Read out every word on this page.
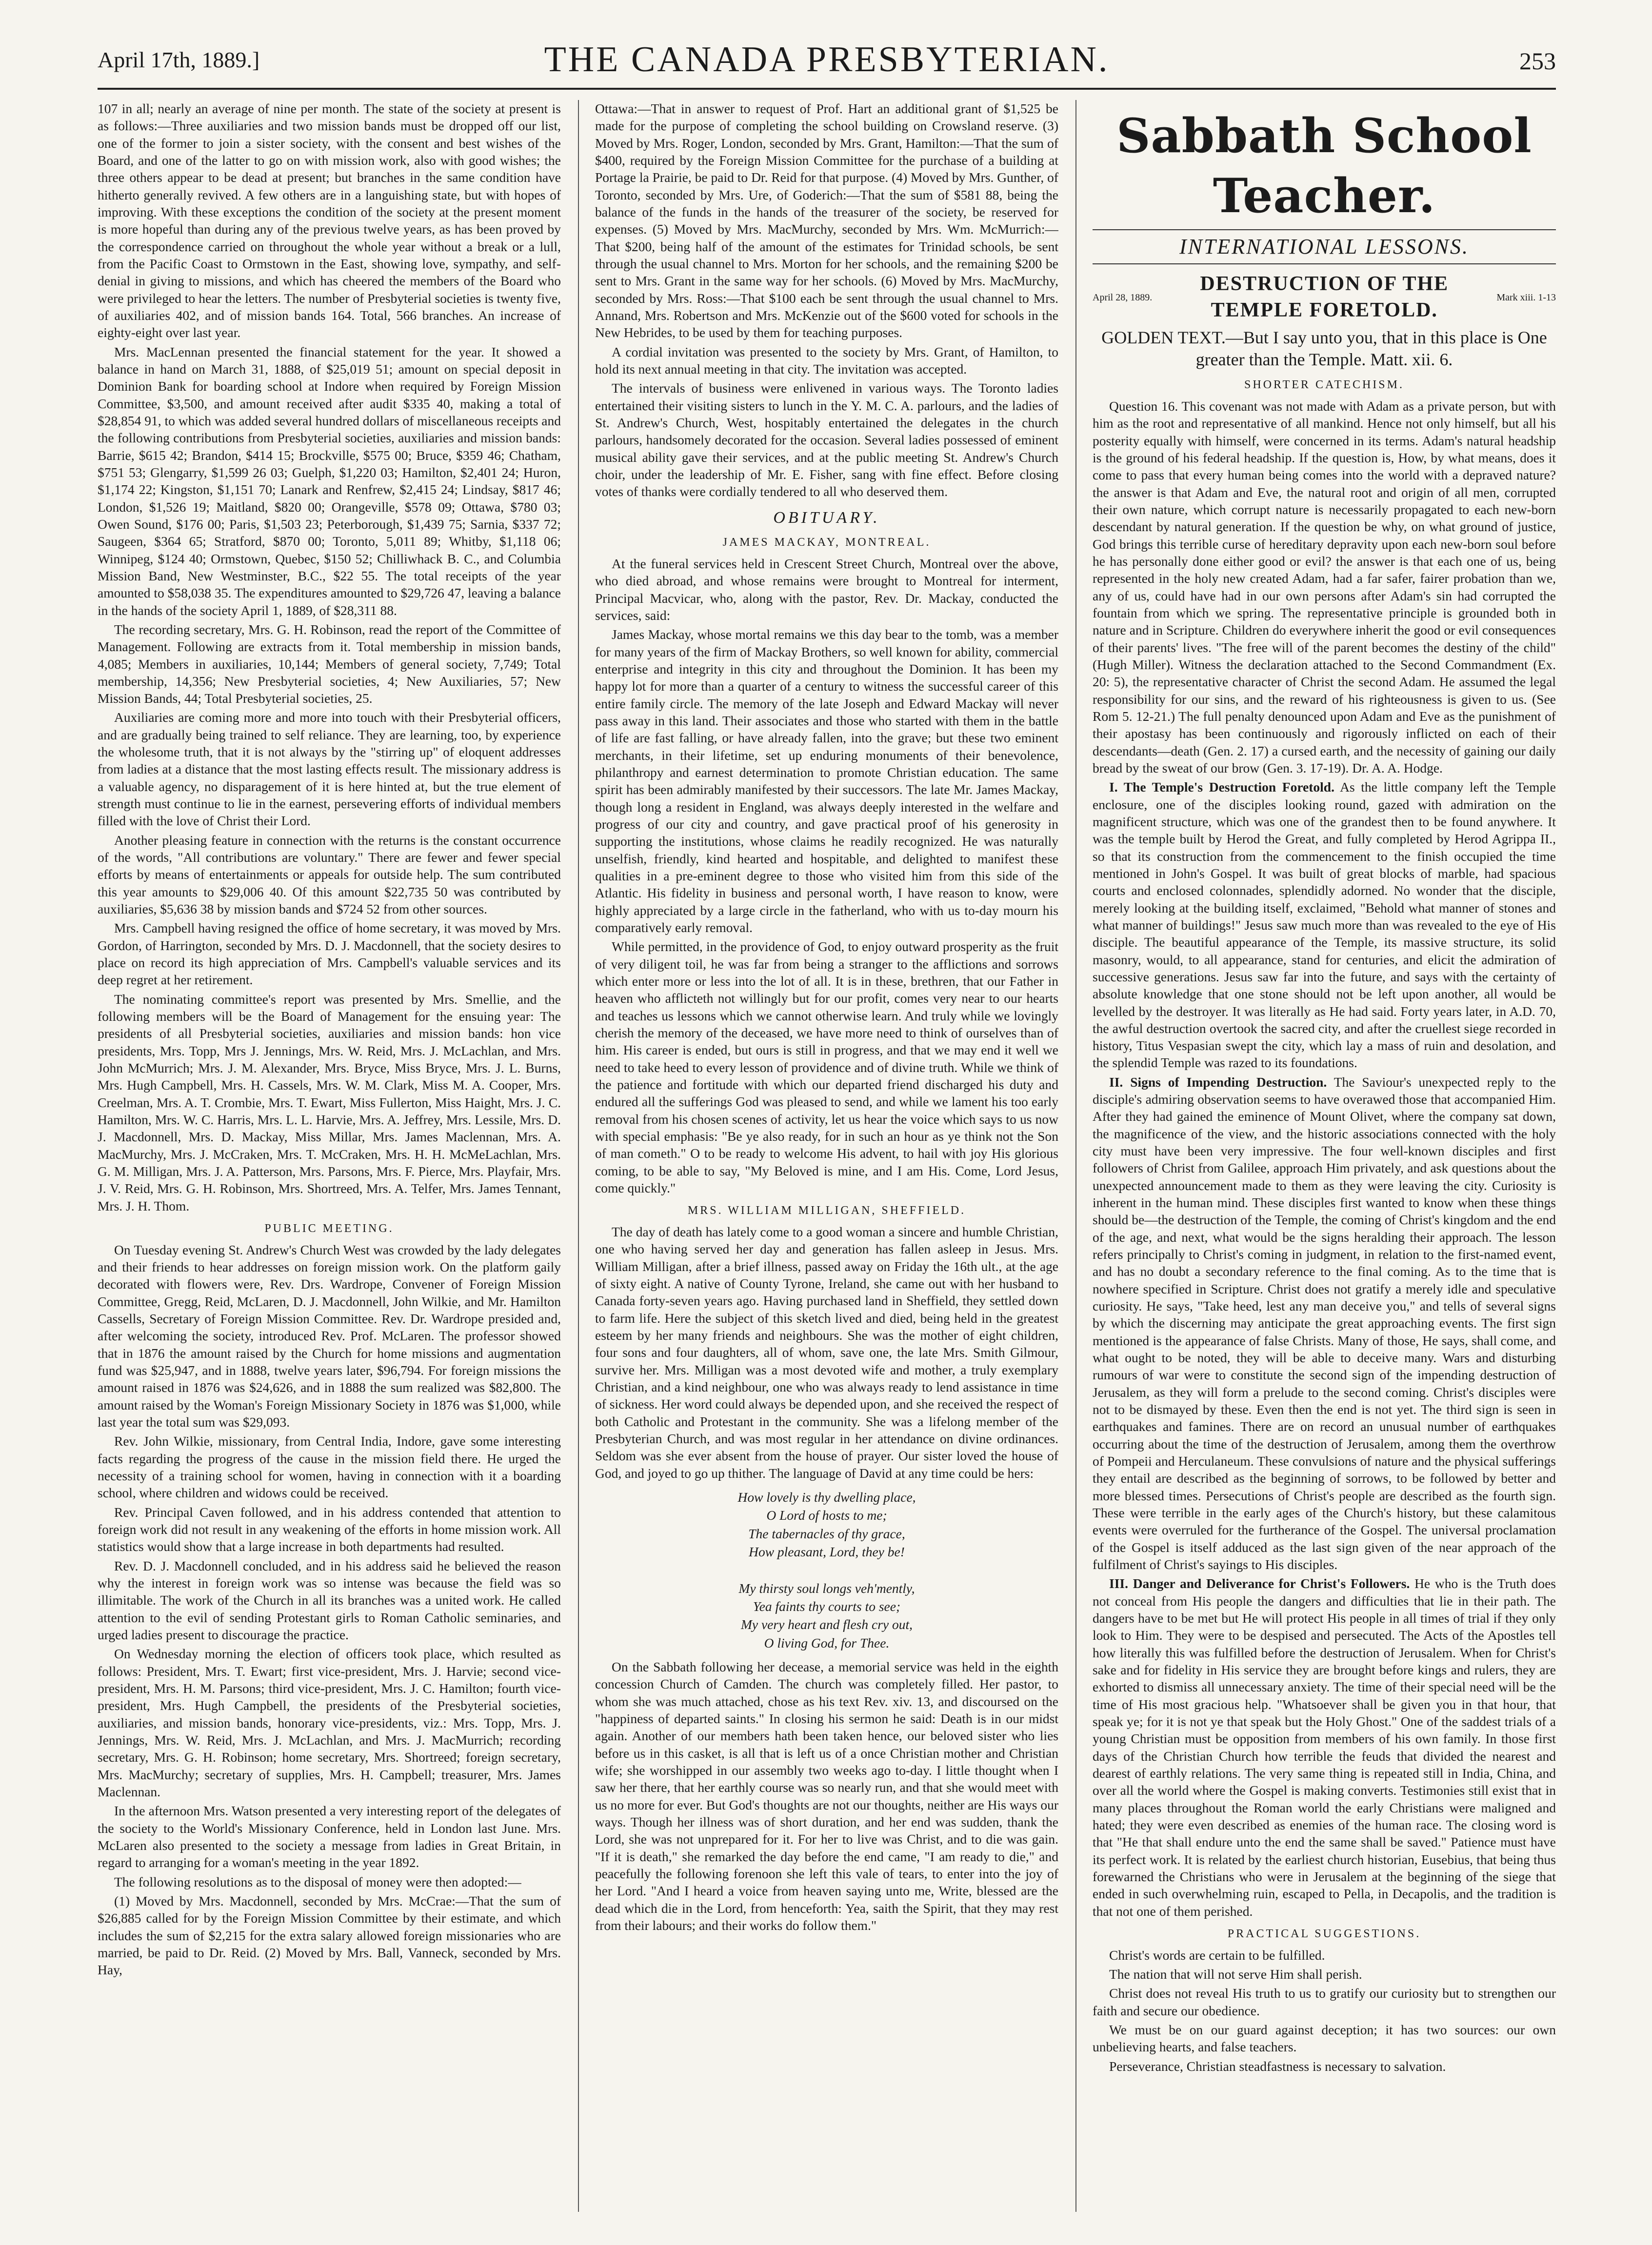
April 17th, 1889.]	THE CANADA PRESBYTERIAN.	253

107 in all; nearly an average of nine per month. The state of the society at present is as follows:—Three auxiliaries and two mission bands must be dropped off our list, one of the former to join a sister society, with the consent and best wishes of the Board, and one of the latter to go on with mission work, also with good wishes; the three others appear to be dead at present; but branches in the same condition have hitherto generally revived. A few others are in a languishing state, but with hopes of improving. With these exceptions the condition of the society at the present moment is more hopeful than during any of the previous twelve years, as has been proved by the correspondence carried on throughout the whole year without a break or a lull, from the Pacific Coast to Ormstown in the East, showing love, sympathy, and self-denial in giving to missions, and which has cheered the members of the Board who were privileged to hear the letters. The number of Presbyterial societies is twenty five, of auxiliaries 402, and of mission bands 164. Total, 566 branches. An increase of eighty-eight over last year.

Mrs. MacLennan presented the financial statement for the year. It showed a balance in hand on March 31, 1888, of $25,019 51; amount on special deposit in Dominion Bank for boarding school at Indore when required by Foreign Mission Committee, $3,500, and amount received after audit $335 40, making a total of $28,854 91, to which was added several hundred dollars of miscellaneous receipts and the following contributions from Presbyterial societies, auxiliaries and mission bands: Barrie, $615 42; Brandon, $414 15; Brockville, $575 00; Bruce, $359 46; Chatham, $751 53; Glengarry, $1,599 26 03; Guelph, $1,220 03; Hamilton, $2,401 24; Huron, $1,174 22; Kingston, $1,151 70; Lanark and Renfrew, $2,415 24; Lindsay, $817 46; London, $1,526 19; Maitland, $820 00; Orangeville, $578 09; Ottawa, $780 03; Owen Sound, $176 00; Paris, $1,503 23; Peterborough, $1,439 75; Sarnia, $337 72; Saugeen, $364 65; Stratford, $870 00; Toronto, 5,011 89; Whitby, $1,118 06; Winnipeg, $124 40; Ormstown, Quebec, $150 52; Chilliwhack B. C., and Columbia Mission Band, New Westminster, B.C., $22 55. The total receipts of the year amounted to $58,038 35. The expenditures amounted to $29,726 47, leaving a balance in the hands of the society April 1, 1889, of $28,311 88.

The recording secretary, Mrs. G. H. Robinson, read the report of the Committee of Management. Following are extracts from it. Total membership in mission bands, 4,085; Members in auxiliaries, 10,144; Members of general society, 7,749; Total membership, 14,356; New Presbyterial societies, 4; New Auxiliaries, 57; New Mission Bands, 44; Total Presbyterial societies, 25.

Auxiliaries are coming more and more into touch with their Presbyterial officers, and are gradually being trained to self reliance. They are learning, too, by experience the wholesome truth, that it is not always by the "stirring up" of eloquent addresses from ladies at a distance that the most lasting effects result. The missionary address is a valuable agency, no disparagement of it is here hinted at, but the true element of strength must continue to lie in the earnest, persevering efforts of individual members filled with the love of Christ their Lord.

Another pleasing feature in connection with the returns is the constant occurrence of the words, "All contributions are voluntary." There are fewer and fewer special efforts by means of entertainments or appeals for outside help. The sum contributed this year amounts to $29,006 40. Of this amount $22,735 50 was contributed by auxiliaries, $5,636 38 by mission bands and $724 52 from other sources.

Mrs. Campbell having resigned the office of home secretary, it was moved by Mrs. Gordon, of Harrington, seconded by Mrs. D. J. Macdonnell, that the society desires to place on record its high appreciation of Mrs. Campbell's valuable services and its deep regret at her retirement.

The nominating committee's report was presented by Mrs. Smellie, and the following members will be the Board of Management for the ensuing year: The presidents of all Presbyterial societies, auxiliaries and mission bands: hon vice presidents, Mrs. Topp, Mrs J. Jennings, Mrs. W. Reid, Mrs. J. McLachlan, and Mrs. John McMurrich; Mrs. J. M. Alexander, Mrs. Bryce, Miss Bryce, Mrs. J. L. Burns, Mrs. Hugh Campbell, Mrs. H. Cassels, Mrs. W. M. Clark, Miss M. A. Cooper, Mrs. Creelman, Mrs. A. T. Crombie, Mrs. T. Ewart, Miss Fullerton, Miss Haight, Mrs. J. C. Hamilton, Mrs. W. C. Harris, Mrs. L. L. Harvie, Mrs. A. Jeffrey, Mrs. Lessile, Mrs. D. J. Macdonnell, Mrs. D. Mackay, Miss Millar, Mrs. James Maclennan, Mrs. A. MacMurchy, Mrs. J. McCraken, Mrs. T. McCraken, Mrs. H. H. McMeLachlan, Mrs. G. M. Milligan, Mrs. J. A. Patterson, Mrs. Parsons, Mrs. F. Pierce, Mrs. Playfair, Mrs. J. V. Reid, Mrs. G. H. Robinson, Mrs. Shortreed, Mrs. A. Telfer, Mrs. James Tennant, Mrs. J. H. Thom.

PUBLIC MEETING.

On Tuesday evening St. Andrew's Church West was crowded by the lady delegates and their friends to hear addresses on foreign mission work. On the platform gaily decorated with flowers were, Rev. Drs. Wardrope, Convener of Foreign Mission Committee, Gregg, Reid, McLaren, D. J. Macdonnell, John Wilkie, and Mr. Hamilton Cassells, Secretary of Foreign Mission Committee. Rev. Dr. Wardrope presided and, after welcoming the society, introduced Rev. Prof. McLaren. The professor showed that in 1876 the amount raised by the Church for home missions and augmentation fund was $25,947, and in 1888, twelve years later, $96,794. For foreign missions the amount raised in 1876 was $24,626, and in 1888 the sum realized was $82,800. The amount raised by the Woman's Foreign Missionary Society in 1876 was $1,000, while last year the total sum was $29,093.

Rev. John Wilkie, missionary, from Central India, Indore, gave some interesting facts regarding the progress of the cause in the mission field there. He urged the necessity of a training school for women, having in connection with it a boarding school, where children and widows could be received.

Rev. Principal Caven followed, and in his address contended that attention to foreign work did not result in any weakening of the efforts in home mission work. All statistics would show that a large increase in both departments had resulted.

Rev. D. J. Macdonnell concluded, and in his address said he believed the reason why the interest in foreign work was so intense was because the field was so illimitable. The work of the Church in all its branches was a united work. He called attention to the evil of sending Protestant girls to Roman Catholic seminaries, and urged ladies present to discourage the practice.

On Wednesday morning the election of officers took place, which resulted as follows: President, Mrs. T. Ewart; first vice-president, Mrs. J. Harvie; second vice-president, Mrs. H. M. Parsons; third vice-president, Mrs. J. C. Hamilton; fourth vice-president, Mrs. Hugh Campbell, the presidents of the Presbyterial societies, auxiliaries, and mission bands, honorary vice-presidents, viz.: Mrs. Topp, Mrs. J. Jennings, Mrs. W. Reid, Mrs. J. McLachlan, and Mrs. J. MacMurrich; recording secretary, Mrs. G. H. Robinson; home secretary, Mrs. Shortreed; foreign secretary, Mrs. MacMurchy; secretary of supplies, Mrs. H. Campbell; treasurer, Mrs. James Maclennan.

In the afternoon Mrs. Watson presented a very interesting report of the delegates of the society to the World's Missionary Conference, held in London last June. Mrs. McLaren also presented to the society a message from ladies in Great Britain, in regard to arranging for a woman's meeting in the year 1892.

The following resolutions as to the disposal of money were then adopted:—

(1) Moved by Mrs. Macdonnell, seconded by Mrs. McCrae:—That the sum of $26,885 called for by the Foreign Mission Committee by their estimate, and which includes the sum of $2,215 for the extra salary allowed foreign missionaries who are married, be paid to Dr. Reid. (2) Moved by Mrs. Ball, Vanneck, seconded by Mrs. Hay,

Ottawa:—That in answer to request of Prof. Hart an additional grant of $1,525 be made for the purpose of completing the school building on Crowsland reserve. (3) Moved by Mrs. Roger, London, seconded by Mrs. Grant, Hamilton:—That the sum of $400, required by the Foreign Mission Committee for the purchase of a building at Portage la Prairie, be paid to Dr. Reid for that purpose. (4) Moved by Mrs. Gunther, of Toronto, seconded by Mrs. Ure, of Goderich:—That the sum of $581 88, being the balance of the funds in the hands of the treasurer of the society, be reserved for expenses. (5) Moved by Mrs. MacMurchy, seconded by Mrs. Wm. McMurrich:—That $200, being half of the amount of the estimates for Trinidad schools, be sent through the usual channel to Mrs. Morton for her schools, and the remaining $200 be sent to Mrs. Grant in the same way for her schools. (6) Moved by Mrs. MacMurchy, seconded by Mrs. Ross:—That $100 each be sent through the usual channel to Mrs. Annand, Mrs. Robertson and Mrs. McKenzie out of the $600 voted for schools in the New Hebrides, to be used by them for teaching purposes.

A cordial invitation was presented to the society by Mrs. Grant, of Hamilton, to hold its next annual meeting in that city. The invitation was accepted.

The intervals of business were enlivened in various ways. The Toronto ladies entertained their visiting sisters to lunch in the Y. M. C. A. parlours, and the ladies of St. Andrew's Church, West, hospitably entertained the delegates in the church parlours, handsomely decorated for the occasion. Several ladies possessed of eminent musical ability gave their services, and at the public meeting St. Andrew's Church choir, under the leadership of Mr. E. Fisher, sang with fine effect. Before closing votes of thanks were cordially tendered to all who deserved them.

OBITUARY.
JAMES MACKAY, MONTREAL.

At the funeral services held in Crescent Street Church, Montreal over the above, who died abroad, and whose remains were brought to Montreal for interment, Principal Macvicar, who, along with the pastor, Rev. Dr. Mackay, conducted the services, said:

James Mackay, whose mortal remains we this day bear to the tomb, was a member for many years of the firm of Mackay Brothers, so well known for ability, commercial enterprise and integrity in this city and throughout the Dominion. It has been my happy lot for more than a quarter of a century to witness the successful career of this entire family circle. The memory of the late Joseph and Edward Mackay will never pass away in this land. Their associates and those who started with them in the battle of life are fast falling, or have already fallen, into the grave; but these two eminent merchants, in their lifetime, set up enduring monuments of their benevolence, philanthropy and earnest determination to promote Christian education. The same spirit has been admirably manifested by their successors. The late Mr. James Mackay, though long a resident in England, was always deeply interested in the welfare and progress of our city and country, and gave practical proof of his generosity in supporting the institutions, whose claims he readily recognized. He was naturally unselfish, friendly, kind hearted and hospitable, and delighted to manifest these qualities in a pre-eminent degree to those who visited him from this side of the Atlantic. His fidelity in business and personal worth, I have reason to know, were highly appreciated by a large circle in the fatherland, who with us to-day mourn his comparatively early removal.

While permitted, in the providence of God, to enjoy outward prosperity as the fruit of very diligent toil, he was far from being a stranger to the afflictions and sorrows which enter more or less into the lot of all. It is in these, brethren, that our Father in heaven who afflicteth not willingly but for our profit, comes very near to our hearts and teaches us lessons which we cannot otherwise learn. And truly while we lovingly cherish the memory of the deceased, we have more need to think of ourselves than of him. His career is ended, but ours is still in progress, and that we may end it well we need to take heed to every lesson of providence and of divine truth. While we think of the patience and fortitude with which our departed friend discharged his duty and endured all the sufferings God was pleased to send, and while we lament his too early removal from his chosen scenes of activity, let us hear the voice which says to us now with special emphasis: "Be ye also ready, for in such an hour as ye think not the Son of man cometh." O to be ready to welcome His advent, to hail with joy His glorious coming, to be able to say, "My Beloved is mine, and I am His. Come, Lord Jesus, come quickly."

MRS. WILLIAM MILLIGAN, SHEFFIELD.

The day of death has lately come to a good woman a sincere and humble Christian, one who having served her day and generation has fallen asleep in Jesus. Mrs. William Milligan, after a brief illness, passed away on Friday the 16th ult., at the age of sixty eight. A native of County Tyrone, Ireland, she came out with her husband to Canada forty-seven years ago. Having purchased land in Sheffield, they settled down to farm life. Here the subject of this sketch lived and died, being held in the greatest esteem by her many friends and neighbours. She was the mother of eight children, four sons and four daughters, all of whom, save one, the late Mrs. Smith Gilmour, survive her. Mrs. Milligan was a most devoted wife and mother, a truly exemplary Christian, and a kind neighbour, one who was always ready to lend assistance in time of sickness. Her word could always be depended upon, and she received the respect of both Catholic and Protestant in the community. She was a lifelong member of the Presbyterian Church, and was most regular in her attendance on divine ordinances. Seldom was she ever absent from the house of prayer. Our sister loved the house of God, and joyed to go up thither. The language of David at any time could be hers:

How lovely is thy dwelling place,
O Lord of hosts to me;
The tabernacles of thy grace,
How pleasant, Lord, they be!

My thirsty soul longs veh'mently,
Yea faints thy courts to see;
My very heart and flesh cry out,
O living God, for Thee.

On the Sabbath following her decease, a memorial service was held in the eighth concession Church of Camden. The church was completely filled. Her pastor, to whom she was much attached, chose as his text Rev. xiv. 13, and discoursed on the "happiness of departed saints." In closing his sermon he said: Death is in our midst again. Another of our members hath been taken hence, our beloved sister who lies before us in this casket, is all that is left us of a once Christian mother and Christian wife; she worshipped in our assembly two weeks ago to-day. I little thought when I saw her there, that her earthly course was so nearly run, and that she would meet with us no more for ever. But God's thoughts are not our thoughts, neither are His ways our ways. Though her illness was of short duration, and her end was sudden, thank the Lord, she was not unprepared for it. For her to live was Christ, and to die was gain. "If it is death," she remarked the day before the end came, "I am ready to die," and peacefully the following forenoon she left this vale of tears, to enter into the joy of her Lord. "And I heard a voice from heaven saying unto me, Write, blessed are the dead which die in the Lord, from henceforth: Yea, saith the Spirit, that they may rest from their labours; and their works do follow them."

Sabbath School Teacher.
INTERNATIONAL LESSONS.
April 28, 1889.
DESTRUCTION OF THE TEMPLE FORETOLD.
Mark xiii. 1-13
GOLDEN TEXT.—But I say unto you, that in this place is One greater than the Temple. Matt. xii. 6.
SHORTER CATECHISM.

Question 16. This covenant was not made with Adam as a private person, but with him as the root and representative of all mankind. Hence not only himself, but all his posterity equally with himself, were concerned in its terms. Adam's natural headship is the ground of his federal headship. If the question is, How, by what means, does it come to pass that every human being comes into the world with a depraved nature? the answer is that Adam and Eve, the natural root and origin of all men, corrupted their own nature, which corrupt nature is necessarily propagated to each new-born descendant by natural generation. If the question be why, on what ground of justice, God brings this terrible curse of hereditary depravity upon each new-born soul before he has personally done either good or evil? the answer is that each one of us, being represented in the holy new created Adam, had a far safer, fairer probation than we, any of us, could have had in our own persons after Adam's sin had corrupted the fountain from which we spring. The representative principle is grounded both in nature and in Scripture. Children do everywhere inherit the good or evil consequences of their parents' lives. "The free will of the parent becomes the destiny of the child" (Hugh Miller). Witness the declaration attached to the Second Commandment (Ex. 20: 5), the representative character of Christ the second Adam. He assumed the legal responsibility for our sins, and the reward of his righteousness is given to us. (See Rom 5. 12-21.) The full penalty denounced upon Adam and Eve as the punishment of their apostasy has been continuously and rigorously inflicted on each of their descendants—death (Gen. 2. 17) a cursed earth, and the necessity of gaining our daily bread by the sweat of our brow (Gen. 3. 17-19). Dr. A. A. Hodge.

I. The Temple's Destruction Foretold. As the little company left the Temple enclosure, one of the disciples looking round, gazed with admiration on the magnificent structure, which was one of the grandest then to be found anywhere. It was the temple built by Herod the Great, and fully completed by Herod Agrippa II., so that its construction from the commencement to the finish occupied the time mentioned in John's Gospel. It was built of great blocks of marble, had spacious courts and enclosed colonnades, splendidly adorned. No wonder that the disciple, merely looking at the building itself, exclaimed, "Behold what manner of stones and what manner of buildings!" Jesus saw much more than was revealed to the eye of His disciple. The beautiful appearance of the Temple, its massive structure, its solid masonry, would, to all appearance, stand for centuries, and elicit the admiration of successive generations. Jesus saw far into the future, and says with the certainty of absolute knowledge that one stone should not be left upon another, all would be levelled by the destroyer. It was literally as He had said. Forty years later, in A.D. 70, the awful destruction overtook the sacred city, and after the cruellest siege recorded in history, Titus Vespasian swept the city, which lay a mass of ruin and desolation, and the splendid Temple was razed to its foundations.

II. Signs of Impending Destruction. The Saviour's unexpected reply to the disciple's admiring observation seems to have overawed those that accompanied Him. After they had gained the eminence of Mount Olivet, where the company sat down, the magnificence of the view, and the historic associations connected with the holy city must have been very impressive. The four well-known disciples and first followers of Christ from Galilee, approach Him privately, and ask questions about the unexpected announcement made to them as they were leaving the city. Curiosity is inherent in the human mind. These disciples first wanted to know when these things should be—the destruction of the Temple, the coming of Christ's kingdom and the end of the age, and next, what would be the signs heralding their approach. The lesson refers principally to Christ's coming in judgment, in relation to the first-named event, and has no doubt a secondary reference to the final coming. As to the time that is nowhere specified in Scripture. Christ does not gratify a merely idle and speculative curiosity. He says, "Take heed, lest any man deceive you," and tells of several signs by which the discerning may anticipate the great approaching events. The first sign mentioned is the appearance of false Christs. Many of those, He says, shall come, and what ought to be noted, they will be able to deceive many. Wars and disturbing rumours of war were to constitute the second sign of the impending destruction of Jerusalem, as they will form a prelude to the second coming. Christ's disciples were not to be dismayed by these. Even then the end is not yet. The third sign is seen in earthquakes and famines. There are on record an unusual number of earthquakes occurring about the time of the destruction of Jerusalem, among them the overthrow of Pompeii and Herculaneum. These convulsions of nature and the physical sufferings they entail are described as the beginning of sorrows, to be followed by better and more blessed times. Persecutions of Christ's people are described as the fourth sign. These were terrible in the early ages of the Church's history, but these calamitous events were overruled for the furtherance of the Gospel. The universal proclamation of the Gospel is itself adduced as the last sign given of the near approach of the fulfilment of Christ's sayings to His disciples.

III. Danger and Deliverance for Christ's Followers. He who is the Truth does not conceal from His people the dangers and difficulties that lie in their path. The dangers have to be met but He will protect His people in all times of trial if they only look to Him. They were to be despised and persecuted. The Acts of the Apostles tell how literally this was fulfilled before the destruction of Jerusalem. When for Christ's sake and for fidelity in His service they are brought before kings and rulers, they are exhorted to dismiss all unnecessary anxiety. The time of their special need will be the time of His most gracious help. "Whatsoever shall be given you in that hour, that speak ye; for it is not ye that speak but the Holy Ghost." One of the saddest trials of a young Christian must be opposition from members of his own family. In those first days of the Christian Church how terrible the feuds that divided the nearest and dearest of earthly relations. The very same thing is repeated still in India, China, and over all the world where the Gospel is making converts. Testimonies still exist that in many places throughout the Roman world the early Christians were maligned and hated; they were even described as enemies of the human race. The closing word is that "He that shall endure unto the end the same shall be saved." Patience must have its perfect work. It is related by the earliest church historian, Eusebius, that being thus forewarned the Christians who were in Jerusalem at the beginning of the siege that ended in such overwhelming ruin, escaped to Pella, in Decapolis, and the tradition is that not one of them perished.

PRACTICAL SUGGESTIONS.

Christ's words are certain to be fulfilled.

The nation that will not serve Him shall perish.

Christ does not reveal His truth to us to gratify our curiosity but to strengthen our faith and secure our obedience.

We must be on our guard against deception; it has two sources: our own unbelieving hearts, and false teachers.

Perseverance, Christian steadfastness is necessary to salvation.
